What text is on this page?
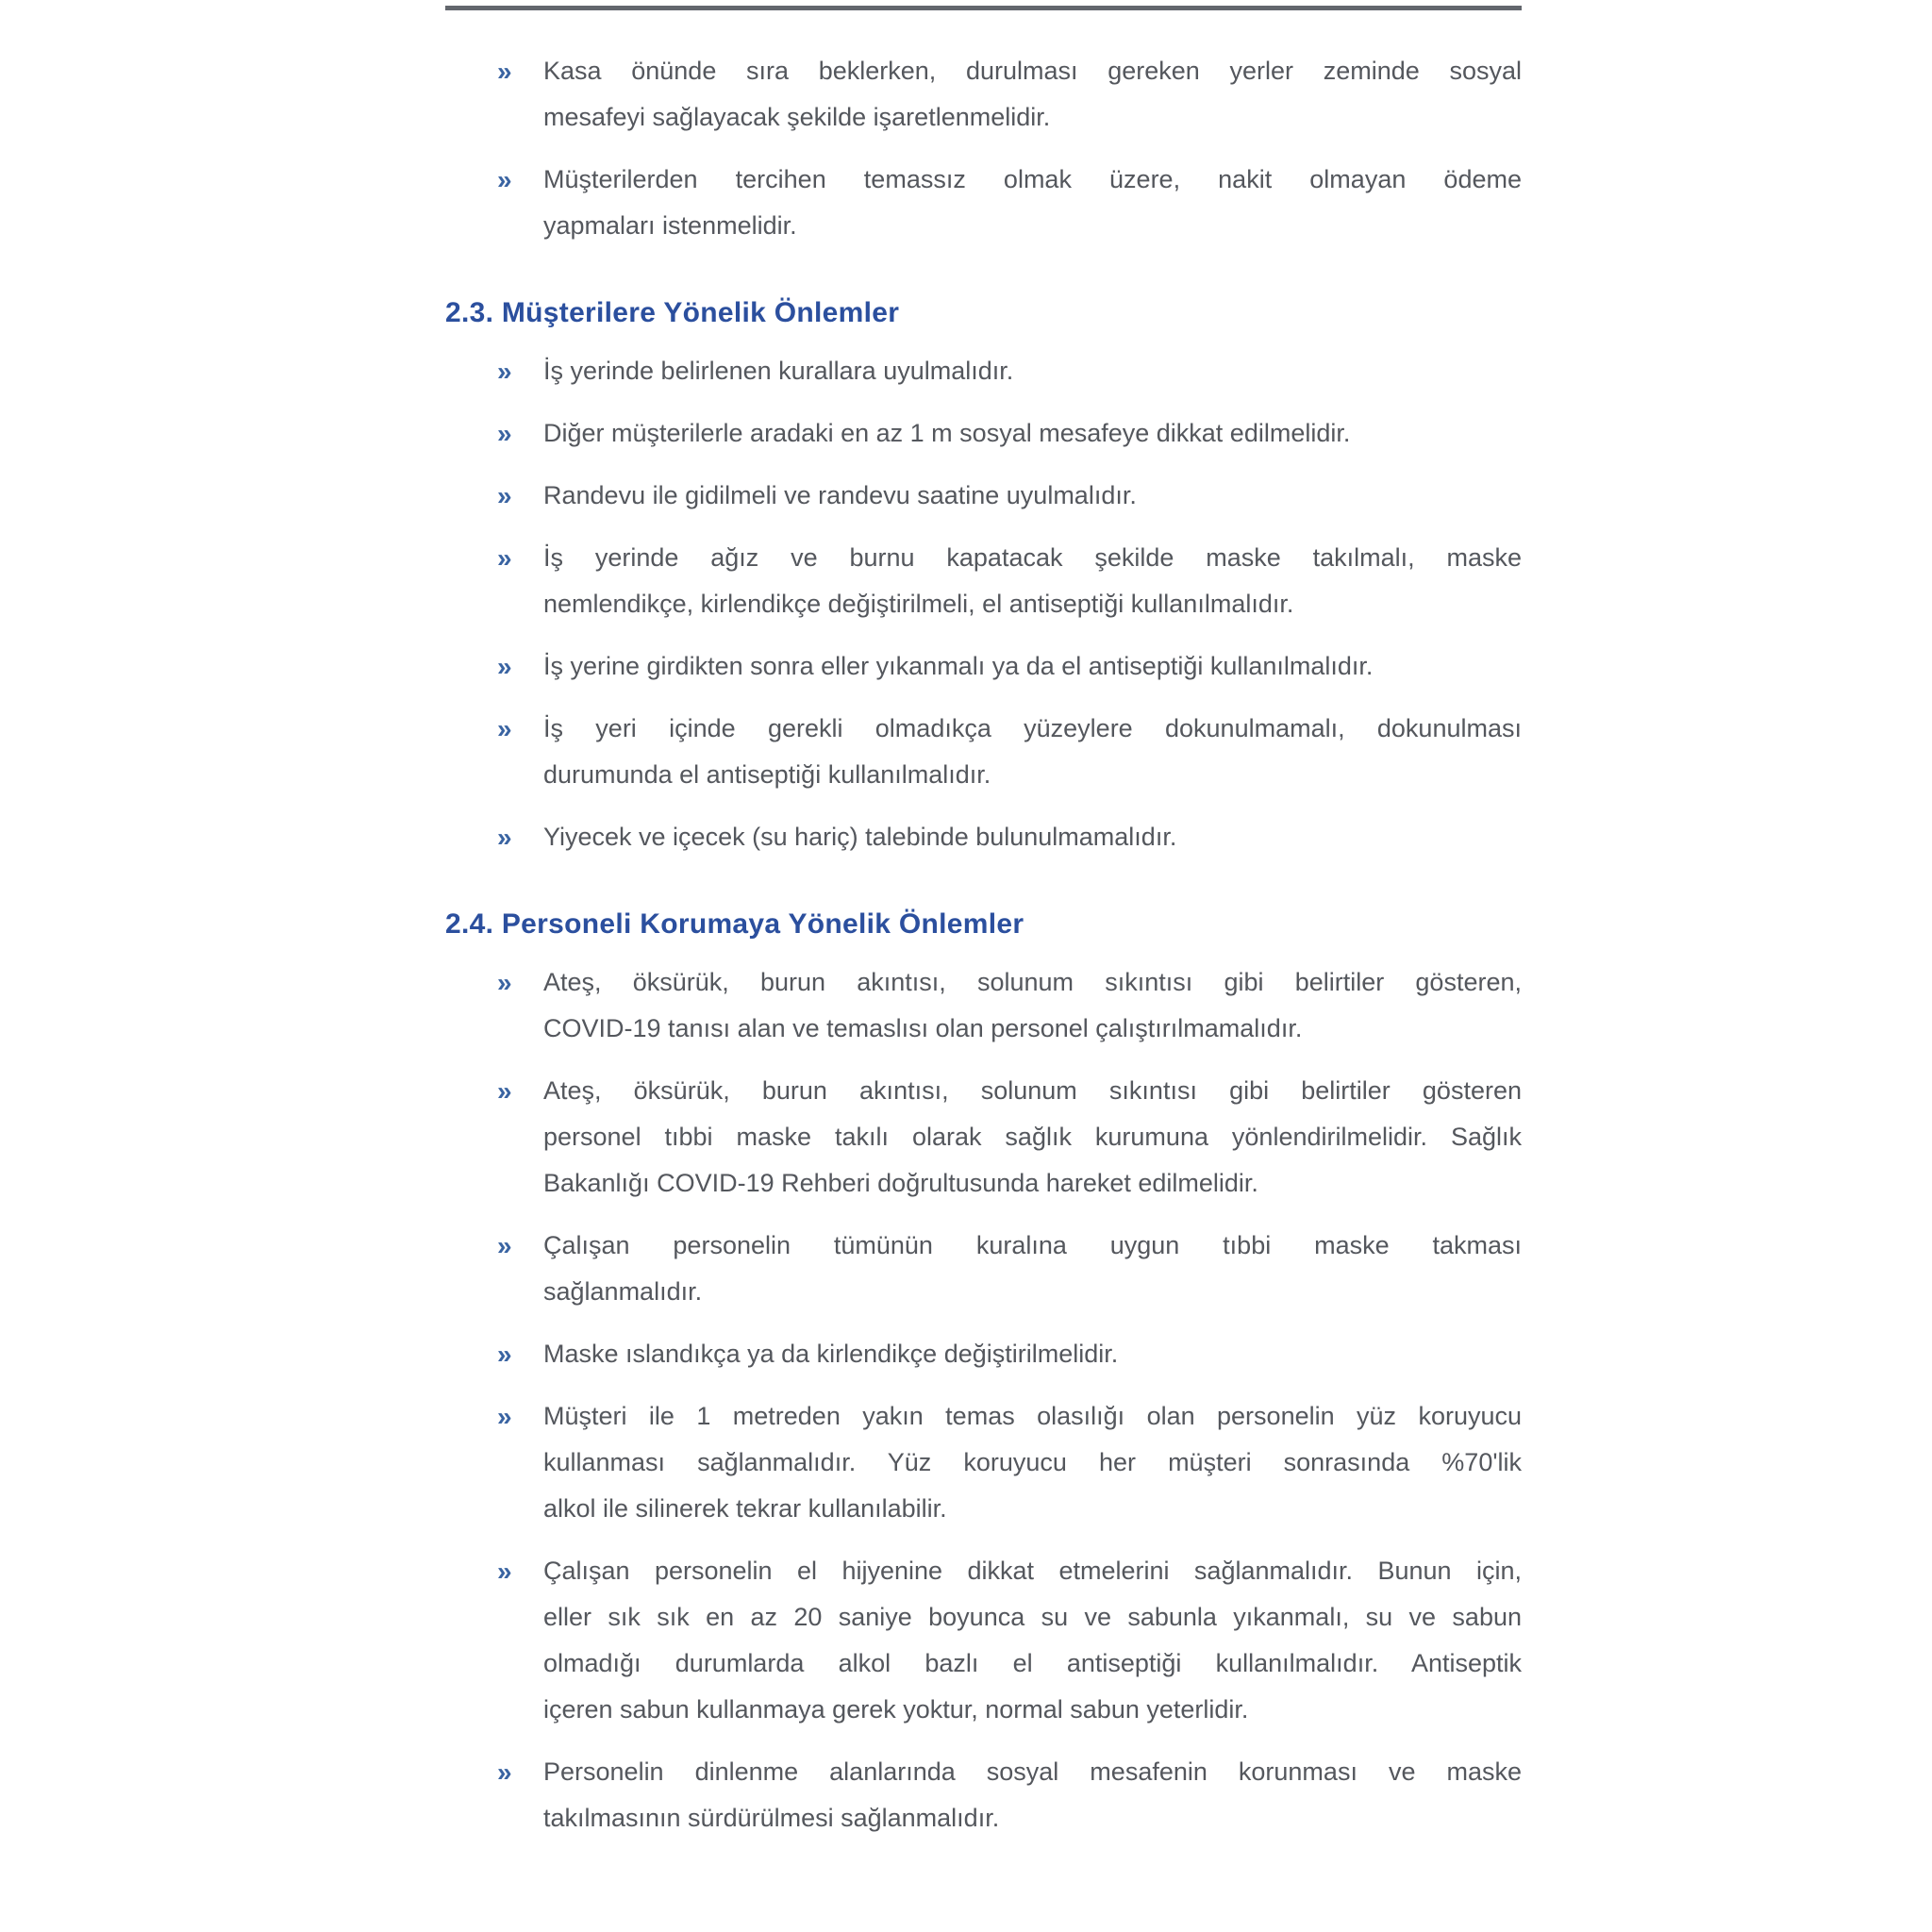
» Kasa önünde sıra beklerken, durulması gereken yerler zeminde sosyal
mesafeyi sağlayacak şekilde işaretlenmelidir.
» Müşterilerden tercihen temassız olmak üzere, nakit olmayan ödeme
yapmaları istenmelidir.
2.3. Müşterilere Yönelik Önlemler
» İş yerinde belirlenen kurallara uyulmalıdır.
» Diğer müşterilerle aradaki en az 1 m sosyal mesafeye dikkat edilmelidir.
» Randevu ile gidilmeli ve randevu saatine uyulmalıdır.
» İş yerinde ağız ve burnu kapatacak şekilde maske takılmalı, maske
nemlendikçe, kirlendikçe değiştirilmeli, el antiseptiği kullanılmalıdır.
» İş yerine girdikten sonra eller yıkanmalı ya da el antiseptiği kullanılmalıdır.
» İş yeri içinde gerekli olmadıkça yüzeylere dokunulmamalı, dokunulması
durumunda el antiseptiği kullanılmalıdır.
» Yiyecek ve içecek (su hariç) talebinde bulunulmamalıdır.
2.4. Personeli Korumaya Yönelik Önlemler
» Ateş, öksürük, burun akıntısı, solunum sıkıntısı gibi belirtiler gösteren,
COVID-19 tanısı alan ve temaslısı olan personel çalıştırılmamalıdır.
» Ateş, öksürük, burun akıntısı, solunum sıkıntısı gibi belirtiler gösteren
personel tıbbi maske takılı olarak sağlık kurumuna yönlendirilmelidir. Sağlık
Bakanlığı COVID-19 Rehberi doğrultusunda hareket edilmelidir.
» Çalışan personelin tümünün kuralına uygun tıbbi maske takması
sağlanmalıdır.
» Maske ıslandıkça ya da kirlendikçe değiştirilmelidir.
» Müşteri ile 1 metreden yakın temas olasılığı olan personelin yüz koruyucu
kullanması sağlanmalıdır. Yüz koruyucu her müşteri sonrasında %70'lik
alkol ile silinerek tekrar kullanılabilir.
» Çalışan personelin el hijyenine dikkat etmelerini sağlanmalıdır. Bunun için,
eller sık sık en az 20 saniye boyunca su ve sabunla yıkanmalı, su ve sabun
olmadığı durumlarda alkol bazlı el antiseptiği kullanılmalıdır. Antiseptik
içeren sabun kullanmaya gerek yoktur, normal sabun yeterlidir.
» Personelin dinlenme alanlarında sosyal mesafenin korunması ve maske
takılmasının sürdürülmesi sağlanmalıdır.
